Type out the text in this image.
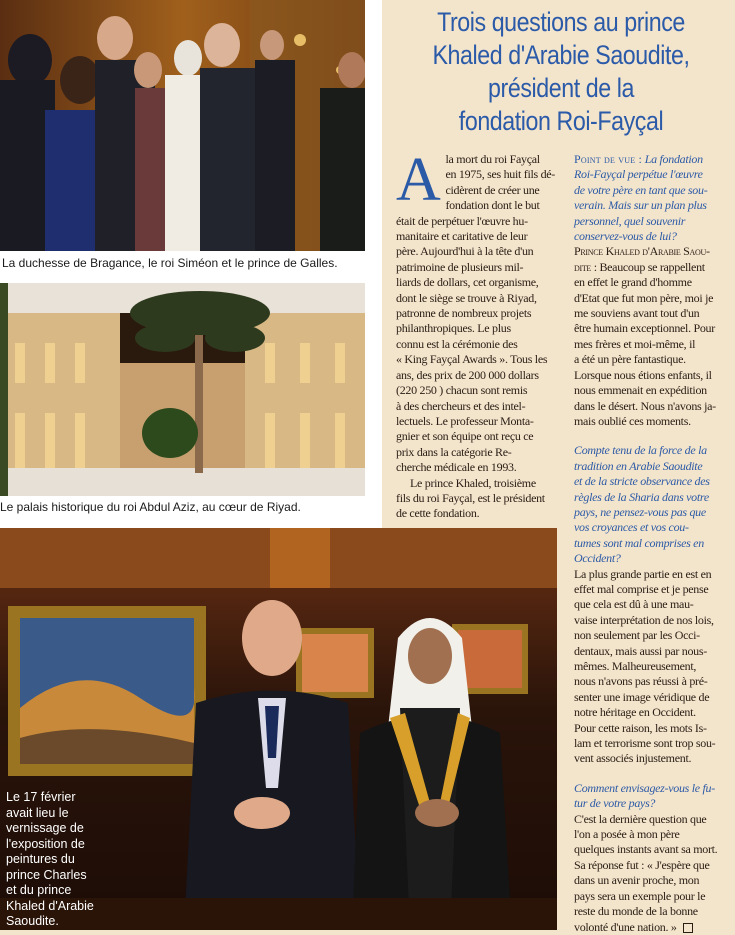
La duchesse de Bragance, le roi Siméon et le prince de Galles.
Le palais historique du roi Abdul Aziz, au cœur de Riyad.
Le 17 février
avait lieu le
vernissage de
l'exposition de
peintures du
prince Charles
et du prince
Khaled d'Arabie
Saoudite.
Trois questions au prince
Khaled d'Arabie Saoudite,
président de la
fondation Roi-Fayçal

A la mort du roi Fayçal
en 1975, ses huit fils dé-
cidèrent de créer une
fondation dont le but
était de perpétuer l'œuvre hu-
manitaire et caritative de leur
père. Aujourd'hui à la tête d'un
patrimoine de plusieurs mil-
liards de dollars, cet organisme,
dont le siège se trouve à Riyad,
patronne de nombreux projets
philanthropiques. Le plus
connu est la cérémonie des
« King Fayçal Awards ». Tous les
ans, des prix de 200 000 dollars
(220 250 ) chacun sont remis
à des chercheurs et des intel-
lectuels. Le professeur Monta-
gnier et son équipe ont reçu ce
prix dans la catégorie Re-
cherche médicale en 1993.

Le prince Khaled, troisième
fils du roi Fayçal, est le président
de cette fondation.

Point de vue : La fondation
Roi-Fayçal perpétue l'œuvre
de votre père en tant que sou-
verain. Mais sur un plan plus
personnel, quel souvenir
conservez-vous de lui?

Prince Khaled d'Arabie Saou-
dite : Beaucoup se rappellent
en effet le grand d'homme
d'Etat que fut mon père, moi je
me souviens avant tout d'un
être humain exceptionnel. Pour
mes frères et moi-même, il
a été un père fantastique.
Lorsque nous étions enfants, il
nous emmenait en expédition
dans le désert. Nous n'avons ja-
mais oublié ces moments.

Compte tenu de la force de la
tradition en Arabie Saoudite
et de la stricte observance des
règles de la Sharia dans votre
pays, ne pensez-vous pas que
vos croyances et vos cou-
tumes sont mal comprises en
Occident?

La plus grande partie en est en
effet mal comprise et je pense
que cela est dû à une mau-
vaise interprétation de nos lois,
non seulement par les Occi-
dentaux, mais aussi par nous-
mêmes. Malheureusement,
nous n'avons pas réussi à pré-
senter une image véridique de
notre héritage en Occident.
Pour cette raison, les mots Is-
lam et terrorisme sont trop sou-
vent associés injustement.

Comment envisagez-vous le fu-
tur de votre pays?

C'est la dernière question que
l'on a posée à mon père
quelques instants avant sa mort.
Sa réponse fut : « J'espère que
dans un avenir proche, mon
pays sera un exemple pour le
reste du monde de la bonne
volonté d'une nation. »
